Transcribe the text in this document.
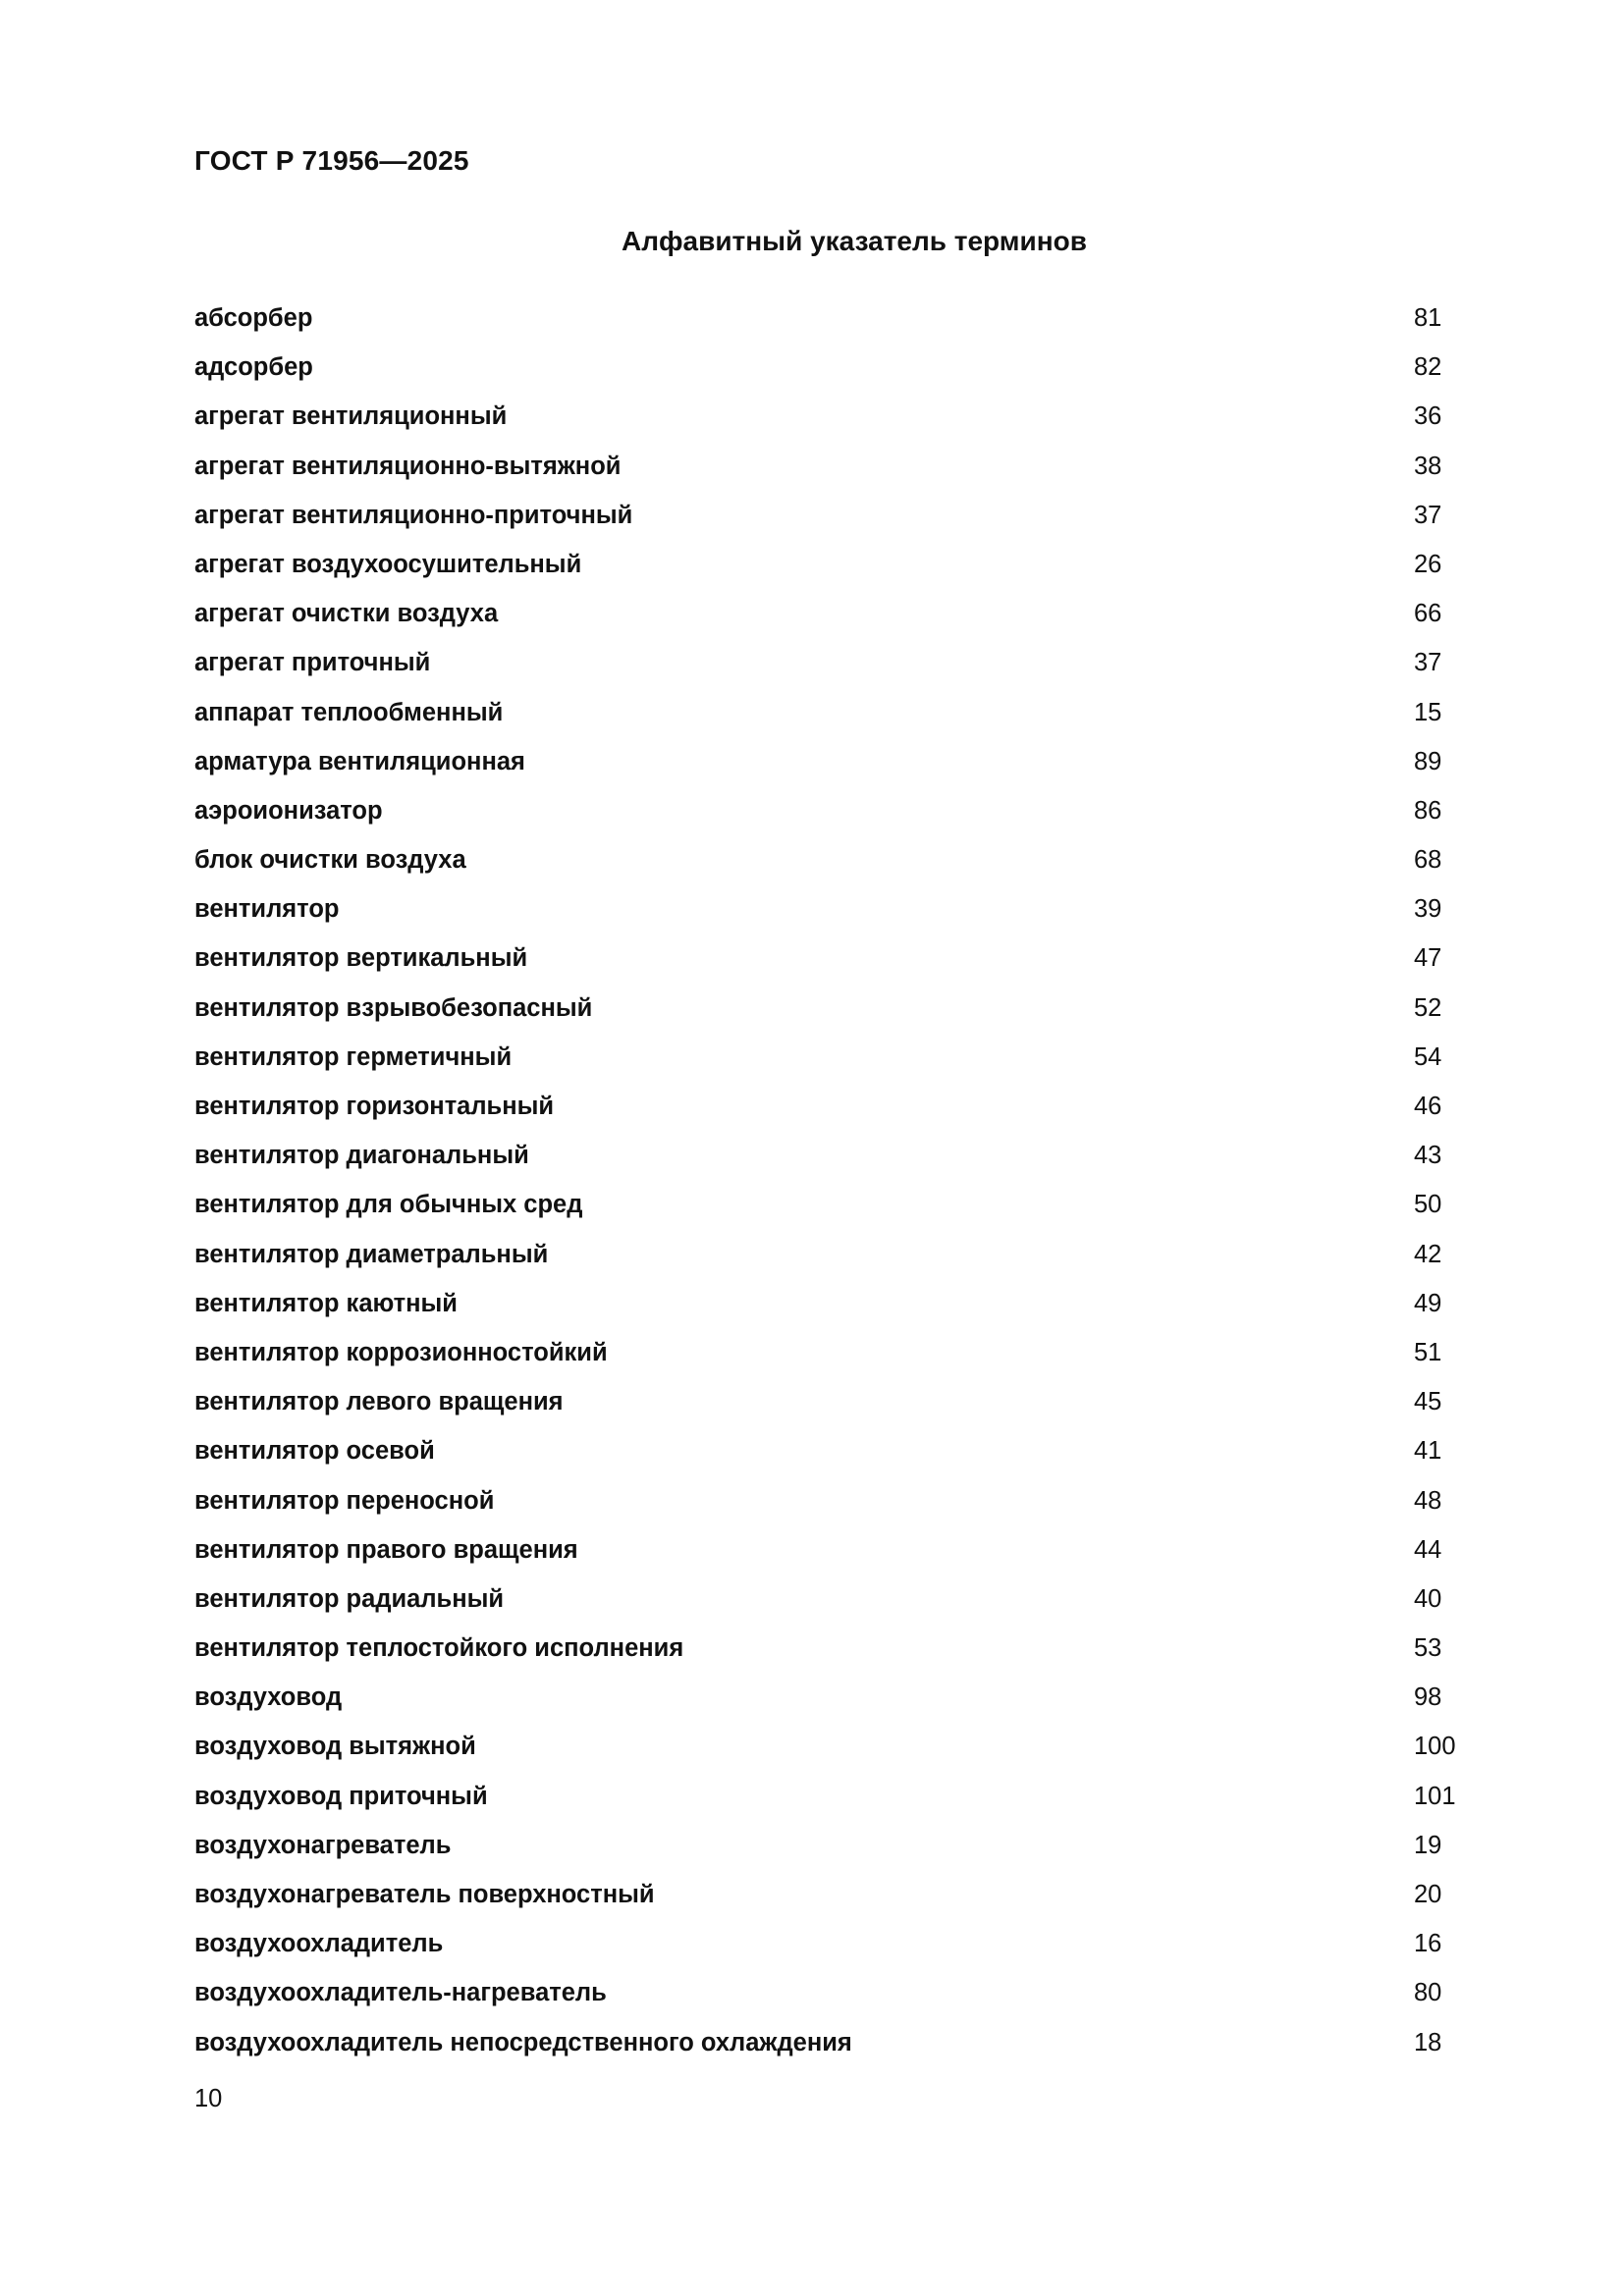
ГОСТ Р 71956—2025
Алфавитный указатель терминов
абсорбер	81
адсорбер	82
агрегат вентиляционный	36
агрегат вентиляционно-вытяжной	38
агрегат вентиляционно-приточный	37
агрегат воздухоосушительный	26
агрегат очистки воздуха	66
агрегат приточный	37
аппарат теплообменный	15
арматура вентиляционная	89
аэроионизатор	86
блок очистки воздуха	68
вентилятор	39
вентилятор вертикальный	47
вентилятор взрывобезопасный	52
вентилятор герметичный	54
вентилятор горизонтальный	46
вентилятор диагональный	43
вентилятор для обычных сред	50
вентилятор диаметральный	42
вентилятор каютный	49
вентилятор коррозионностойкий	51
вентилятор левого вращения	45
вентилятор осевой	41
вентилятор переносной	48
вентилятор правого вращения	44
вентилятор радиальный	40
вентилятор теплостойкого исполнения	53
воздуховод	98
воздуховод вытяжной	100
воздуховод приточный	101
воздухонагреватель	19
воздухонагреватель поверхностный	20
воздухоохладитель	16
воздухоохладитель-нагреватель	80
воздухоохладитель непосредственного охлаждения	18
10
